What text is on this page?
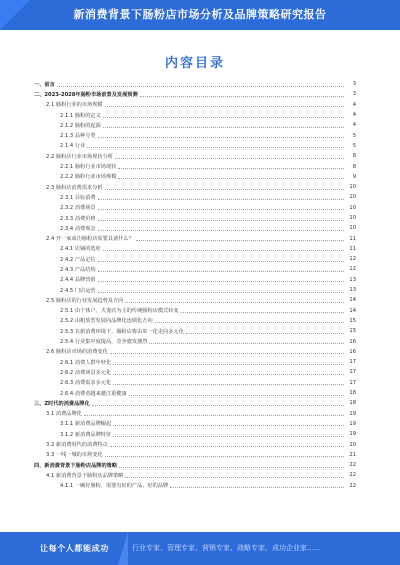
新消费背景下肠粉店市场分析及品牌策略研究报告
内容目录
一、前言	3
二、2023-2028年肠粉市场前景及发展预测	3
2.1 肠粉行业的市场规模	4
2.1.1 肠粉的定义	4
2.1.2 肠粉的起源	4
2.1.3 品种分类	5
2.1.4 行业	5
2.2 肠粉店行业市场现状分析	8
2.2.1 肠粉行业市场现状	8
2.2.2 肠粉行业市场规模	9
2.3 肠粉店消费需求分析	10
2.3.1 目标消费	10
2.3.2 消费场景	10
2.3.3 消费价格	10
2.3.4 消费观念	10
2.4 开一家成功肠粉店需要具备什么？	11
2.4.1 店铺的选址	11
2.4.2 产品定位	12
2.4.3 产品结构	12
2.4.4 品牌营销	13
2.4.5 门店运营	13
2.5 肠粉店的行业发展趋势及方向	14
2.5.1 由个体户、夫妻店为主的传统肠粉店模式转变	14
2.5.2 由粗放型发展向品牌化连锁化方向	15
2.5.3 在新消费环境下，肠粉店将由单一化走向多元化	15
2.5.4 行业集中度提高，竞争愈发激烈	16
2.6 肠粉店市场的消费变化	16
2.6.1 消费人群年轻化	17
2.6.2 消费场景多元化	17
2.6.3 消费需求多元化	17
2.6.4 消费者越来越注重健康	18
三、Z时代的消费品牌化	18
3.1 消费品牌化	19
3.1.1 新消费品牌崛起	19
3.1.2 新消费品牌特征	19
3.2 新消费时代的消费特点	20
3.3 一线一城的市场变化	21
四、新消费背景下肠粉店品牌的策略	22
4.1 新消费背景下肠粉店品牌策略	22
4.1.1 一碗好肠粉，需要有好的产品、好的品牌	22
让每个人都能成功	行业专家、管理专家、营销专家、战略专家、成功企业家……
